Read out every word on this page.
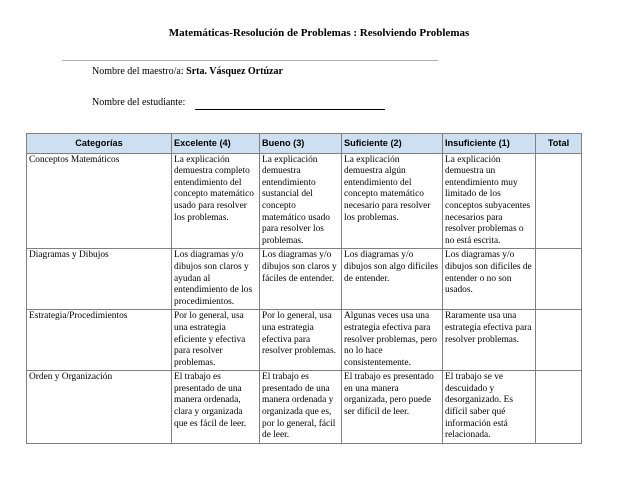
Matemáticas-Resolución de Problemas : Resolviendo Problemas
Nombre del maestro/a: Srta. Vásquez Ortúzar
Nombre del estudiante:
Categorías	Excelente (4)	Bueno (3)	Suficiente (2)	Insuficiente (1)	Total
Conceptos Matemáticos	La explicación demuestra completo entendimiento del concepto matemático usado para resolver los problemas.	La explicación demuestra entendimiento sustancial del concepto matemático usado para resolver los problemas.	La explicación demuestra algún entendimiento del concepto matemático necesario para resolver los problemas.	La explicación demuestra un entendimiento muy limitado de los conceptos subyacentes necesarios para resolver problemas o no está escrita.	
Diagramas y Dibujos	Los diagramas y/o dibujos son claros y ayudan al entendimiento de los procedimientos.	Los diagramas y/o dibujos son claros y fáciles de entender.	Los diagramas y/o dibujos son algo difíciles de entender.	Los diagramas y/o dibujos son difíciles de entender o no son usados.	
Estrategia/Procedimientos	Por lo general, usa una estrategia eficiente y efectiva para resolver problemas.	Por lo general, usa una estrategia efectiva para resolver problemas.	Algunas veces usa una estrategia efectiva para resolver problemas, pero no lo hace consistentemente.	Raramente usa una estrategia efectiva para resolver problemas.	
Orden y Organización	El trabajo es presentado de una manera ordenada, clara y organizada que es fácil de leer.	El trabajo es presentado de una manera ordenada y organizada que es, por lo general, fácil de leer.	El trabajo es presentado en una manera organizada, pero puede ser difícil de leer.	El trabajo se ve descuidado y desorganizado. Es difícil saber qué información está relacionada.	
